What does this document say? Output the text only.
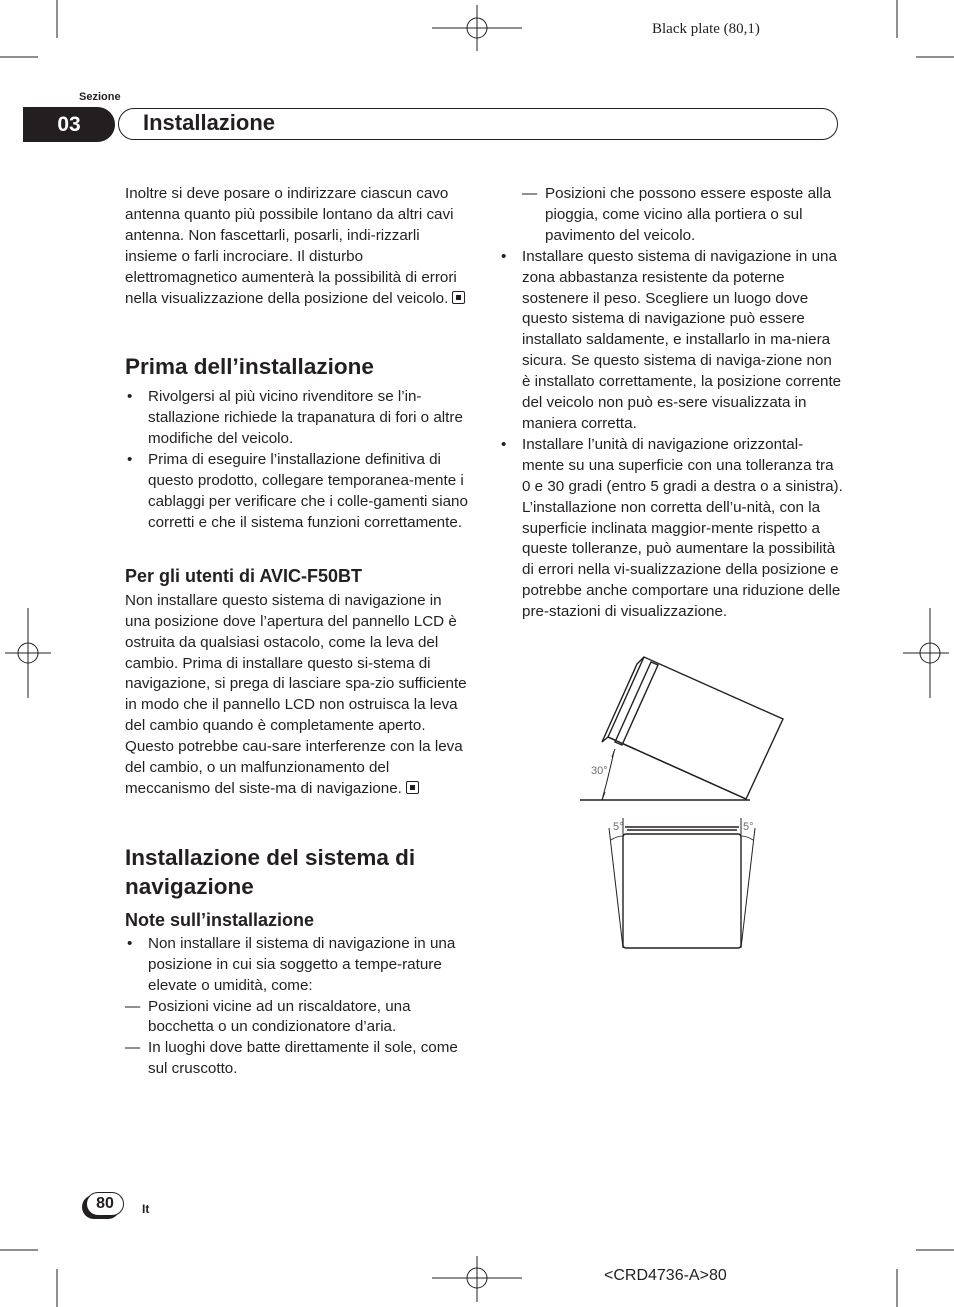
Black plate (80,1)
Sezione
03	Installazione

Inoltre si deve posare o indirizzare ciascun cavo antenna quanto più possibile lontano da altri cavi antenna. Non fascettarli, posarli, indi-rizzarli insieme o farli incrociare. Il disturbo elettromagnetico aumenterà la possibilità di errori nella visualizzazione della posizione del veicolo.

Prima dell’installazione

• Rivolgersi al più vicino rivenditore se l’in-stallazione richiede la trapanatura di fori o altre modifiche del veicolo.

• Prima di eseguire l’installazione definitiva di questo prodotto, collegare temporanea-mente i cablaggi per verificare che i colle-gamenti siano corretti e che il sistema funzioni correttamente.

Per gli utenti di AVIC-F50BT

Non installare questo sistema di navigazione in una posizione dove l’apertura del pannello LCD è ostruita da qualsiasi ostacolo, come la leva del cambio. Prima di installare questo si-stema di navigazione, si prega di lasciare spa-zio sufficiente in modo che il pannello LCD non ostruisca la leva del cambio quando è completamente aperto. Questo potrebbe cau-sare interferenze con la leva del cambio, o un malfunzionamento del meccanismo del siste-ma di navigazione.

Installazione del sistema di navigazione
Note sull’installazione

• Non installare il sistema di navigazione in una posizione in cui sia soggetto a tempe-rature elevate o umidità, come:

— Posizioni vicine ad un riscaldatore, una bocchetta o un condizionatore d’aria.

— In luoghi dove batte direttamente il sole, come sul cruscotto.

— Posizioni che possono essere esposte alla pioggia, come vicino alla portiera o sul pavimento del veicolo.

• Installare questo sistema di navigazione in una zona abbastanza resistente da poterne sostenere il peso. Scegliere un luogo dove questo sistema di navigazione può essere installato saldamente, e installarlo in ma-niera sicura. Se questo sistema di naviga-zione non è installato correttamente, la posizione corrente del veicolo non può es-sere visualizzata in maniera corretta.

• Installare l’unità di navigazione orizzontal-mente su una superficie con una tolleranza tra 0 e 30 gradi (entro 5 gradi a destra o a sinistra). L’installazione non corretta dell’u-nità, con la superficie inclinata maggior-mente rispetto a queste tolleranze, può aumentare la possibilità di errori nella vi-sualizzazione della posizione e potrebbe anche comportare una riduzione delle pre-stazioni di visualizzazione.

30°
5°	5°
80	It
<CRD4736-A>80
